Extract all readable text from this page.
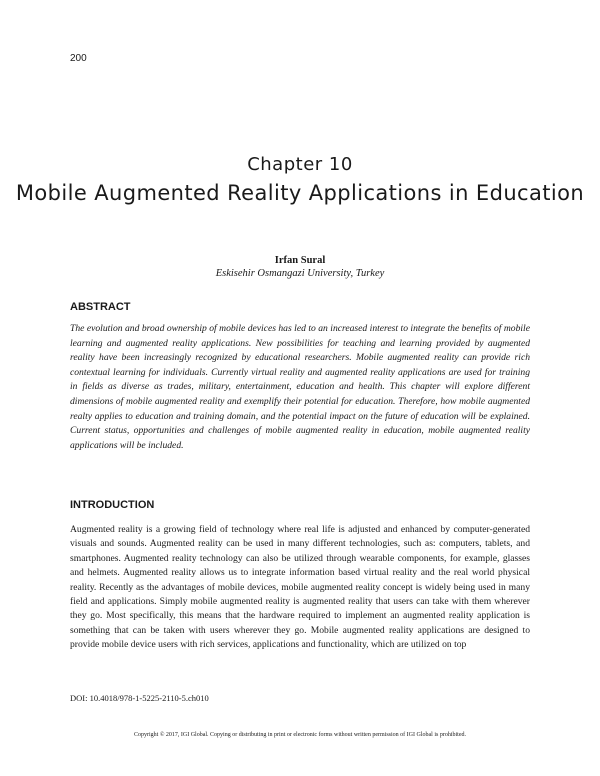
200
Chapter 10
Mobile Augmented Reality Applications in Education
Irfan Sural
Eskisehir Osmangazi University, Turkey
ABSTRACT

The evolution and broad ownership of mobile devices has led to an increased interest to integrate the benefits of mobile learning and augmented reality applications. New possibilities for teaching and learning provided by augmented reality have been increasingly recognized by educational researchers. Mobile augmented reality can provide rich contextual learning for individuals. Currently virtual reality and augmented reality applications are used for training in fields as diverse as trades, military, entertainment, education and health. This chapter will explore different dimensions of mobile augmented reality and exemplify their potential for education. Therefore, how mobile augmented realty applies to education and training domain, and the potential impact on the future of education will be explained. Current status, opportunities and challenges of mobile augmented reality in education, mobile augmented reality applications will be included.

INTRODUCTION

Augmented reality is a growing field of technology where real life is adjusted and enhanced by computer-generated visuals and sounds. Augmented reality can be used in many different technologies, such as: computers, tablets, and smartphones. Augmented reality technology can also be utilized through wearable components, for example, glasses and helmets. Augmented reality allows us to integrate information based virtual reality and the real world physical reality. Recently as the advantages of mobile devices, mobile augmented reality concept is widely being used in many field and applications. Simply mobile augmented reality is augmented reality that users can take with them wherever they go. Most specifically, this means that the hardware required to implement an augmented reality application is something that can be taken with users wherever they go. Mobile augmented reality applications are designed to provide mobile device users with rich services, applications and functionality, which are utilized on top

DOI: 10.4018/978-1-5225-2110-5.ch010
Copyright © 2017, IGI Global. Copying or distributing in print or electronic forms without written permission of IGI Global is prohibited.
